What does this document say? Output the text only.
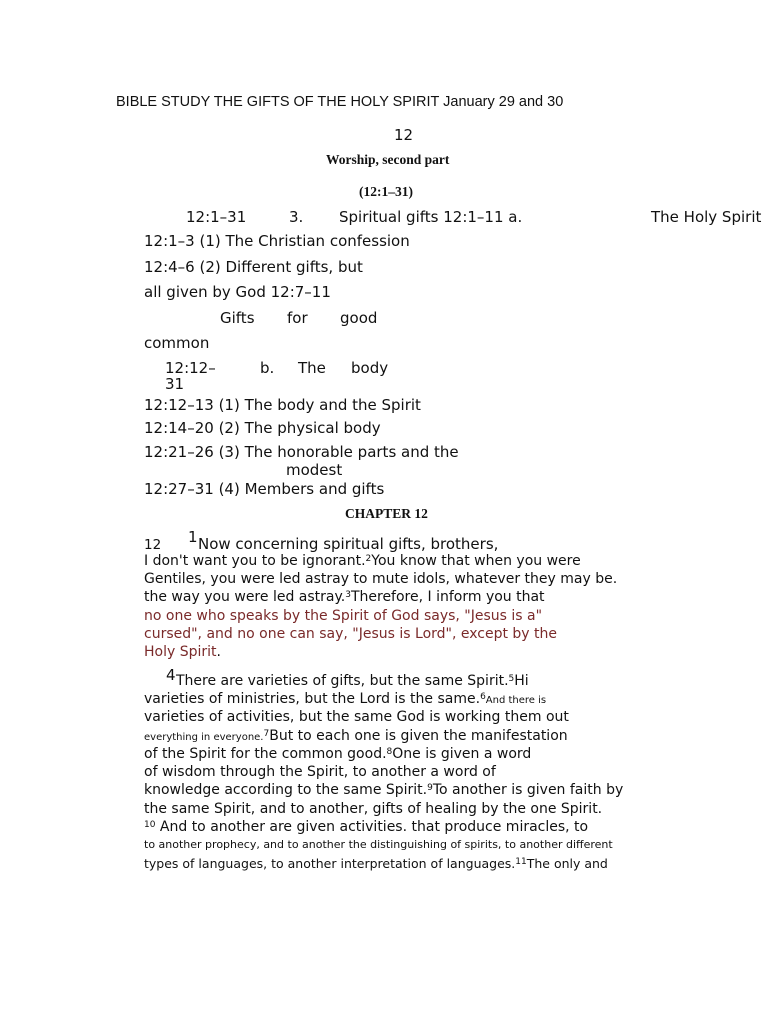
BIBLE STUDY THE GIFTS OF THE HOLY SPIRIT January 29 and 30
12
Worship, second part
(12:1–31)
12:1–31	3. Spiritual gifts 12:1–11 a.	The Holy Spirit
12:1–3 (1) The Christian confession
12:4–6 (2) Different gifts, but
all given by God 12:7–11
Gifts for good
common
12:12–
31
b. The body
12:12–13 (1) The body and the Spirit
12:14–20 (2) The physical body
12:21–26 (3) The honorable parts and the
modest
12:27–31 (4) Members and gifts
CHAPTER 12
12 1 Now concerning spiritual gifts, brothers,
I don't want you to be ignorant.$^2$You know that when you were
Gentiles, you were led astray to mute idols, whatever they may be.
the way you were led astray.$^3$Therefore, I inform you that
no one who speaks by the Spirit of God says, "Jesus is a"
cursed", and no one can say, "Jesus is Lord", except by the
Holy Spirit.
4 There are varieties of gifts, but the same Spirit.$^5$Hi
varieties of ministries, but the Lord is the same.$^6$And there is
varieties of activities, but the same God is working them out
everything in everyone.$^7$But to each one is given the manifestation
of the Spirit for the common good.$^8$One is given a word
of wisdom through the Spirit, to another a word of
knowledge according to the same Spirit.$^9$To another is given faith by
the same Spirit, and to another, gifts of healing by the one Spirit.
$^{10}$ And to another are given activities. that produce miracles, to
to another prophecy, and to another the distinguishing of spirits, to another different
types of languages, to another interpretation of languages.$^{11}$The only and
